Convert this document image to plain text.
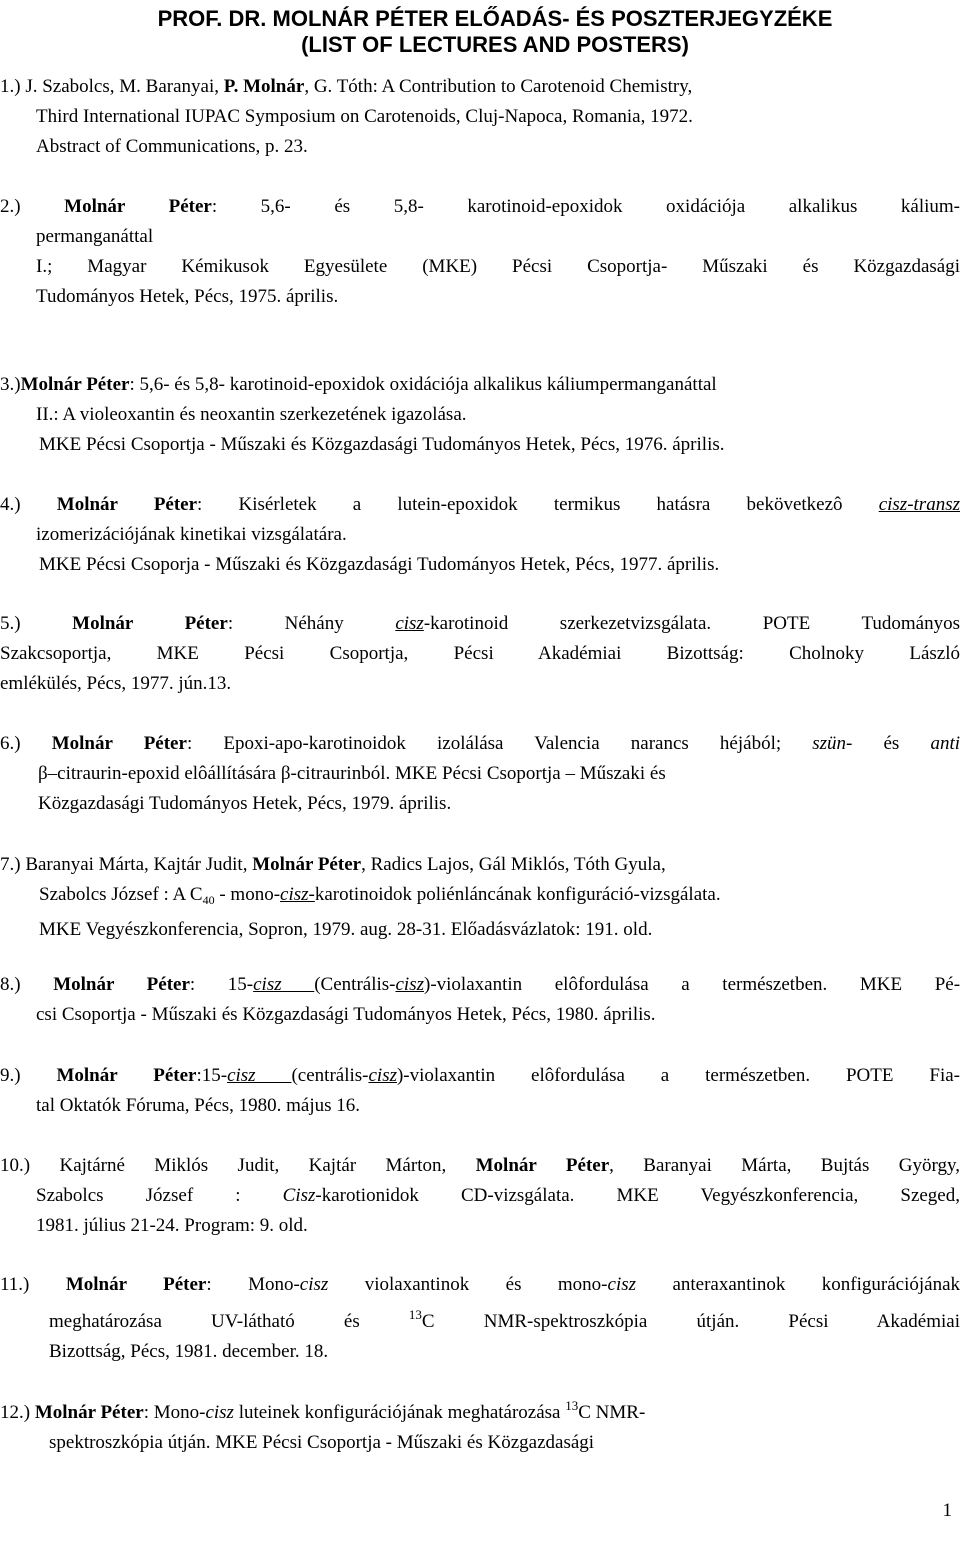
PROF. DR. MOLNÁR PÉTER ELŐADÁS- ÉS POSZTERJEGYZÉKE
(LIST OF LECTURES AND POSTERS)
1.) J. Szabolcs, M. Baranyai, P. Molnár, G. Tóth: A Contribution to Carotenoid Chemistry,
Third International IUPAC Symposium on Carotenoids, Cluj-Napoca, Romania, 1972.
Abstract of Communications, p. 23.
2.) Molnár Péter: 5,6- és 5,8- karotinoid-epoxidok oxidációja alkalikus kálium-
permanganáttal
I.; Magyar Kémikusok Egyesülete (MKE) Pécsi Csoportja- Műszaki és Közgazdasági
Tudományos Hetek, Pécs, 1975. április.
3.)Molnár Péter: 5,6- és 5,8- karotinoid-epoxidok oxidációja alkalikus káliumpermanganáttal
II.: A violeoxantin és neoxantin szerkezetének igazolása.
MKE Pécsi Csoportja - Műszaki és Közgazdasági Tudományos Hetek, Pécs, 1976. április.
4.) Molnár Péter: Kisérletek a lutein-epoxidok termikus hatásra bekövetkezô cisz-transz
izomerizációjának kinetikai vizsgálatára.
MKE Pécsi Csoporja - Műszaki és Közgazdasági Tudományos Hetek, Pécs, 1977. április.
5.) Molnár Péter: Néhány cisz-karotinoid szerkezetvizsgálata. POTE Tudományos
Szakcsoportja, MKE Pécsi Csoportja, Pécsi Akadémiai Bizottság: Cholnoky László
emlékülés, Pécs, 1977. jún.13.
6.) Molnár Péter: Epoxi-apo-karotinoidok izolálása Valencia narancs héjából; szün- és anti
β–citraurin-epoxid elôállítására β-citraurinból. MKE Pécsi Csoportja – Műszaki és
Közgazdasági Tudományos Hetek, Pécs, 1979. április.
7.) Baranyai Márta, Kajtár Judit, Molnár Péter, Radics Lajos, Gál Miklós, Tóth Gyula,
Szabolcs József : A $C_{40}$ - mono-cisz-karotinoidok poliénláncának konfiguráció-vizsgálata.
MKE Vegyészkonferencia, Sopron, 1979. aug. 28-31. Előadásvázlatok: 191. old.
8.) Molnár Péter: 15-cisz (Centrális-cisz)-violaxantin elôfordulása a természetben. MKE Pé-
csi Csoportja - Műszaki és Közgazdasági Tudományos Hetek, Pécs, 1980. április.
9.) Molnár Péter:15-cisz (centrális-cisz)-violaxantin elôfordulása a természetben. POTE Fia-
tal Oktatók Fóruma, Pécs, 1980. május 16.
10.) Kajtárné Miklós Judit, Kajtár Márton, Molnár Péter, Baranyai Márta, Bujtás György,
Szabolcs József : Cisz-karotionidok CD-vizsgálata. MKE Vegyészkonferencia, Szeged,
1981. július 21-24. Program: 9. old.
11.) Molnár Péter: Mono-cisz violaxantinok és mono-cisz anteraxantinok konfigurációjának
meghatározása UV-látható és $^{13}$C NMR-spektroszkópia útján. Pécsi Akadémiai
Bizottság, Pécs, 1981. december. 18.
12.) Molnár Péter: Mono-cisz luteinek konfigurációjának meghatározása $^{13}$C NMR-
spektroszkópia útján. MKE Pécsi Csoportja - Műszaki és Közgazdasági
1
